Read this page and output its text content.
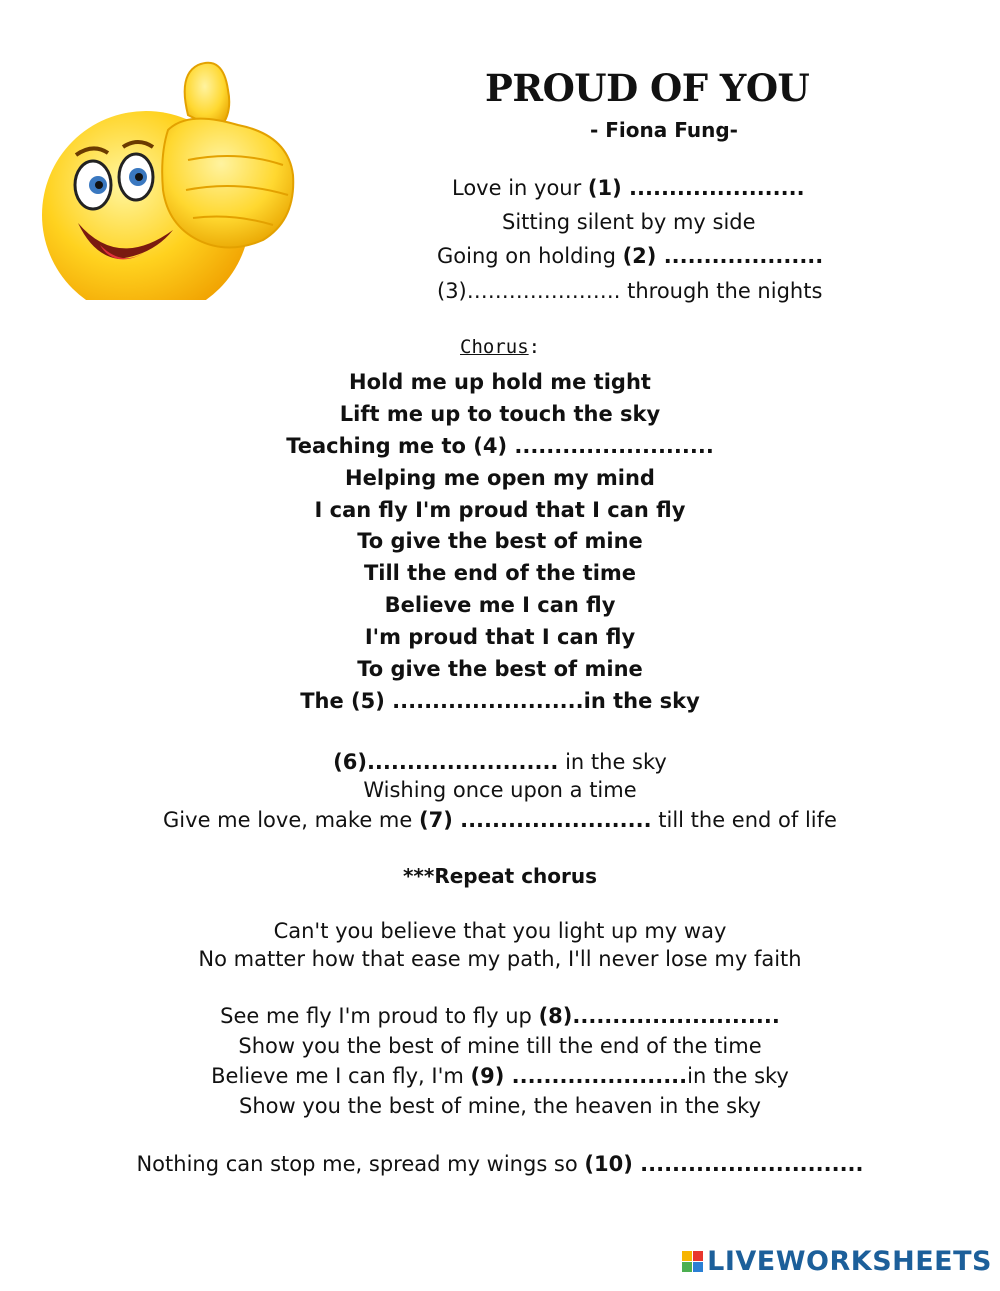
PROUD OF YOU
- Fiona Fung-
Love in your (1) ......................
Sitting silent by my side
Going on holding (2) ....................
(3)…………………. through the nights
Chorus:
Hold me up hold me tight
Lift me up to touch the sky
Teaching me to (4) .........................
Helping me open my mind
I can fly I'm proud that I can fly
To give the best of mine
Till the end of the time
Believe me I can fly
I'm proud that I can fly
To give the best of mine
The (5) ........................in the sky
(6)........................ in the sky
Wishing once upon a time
Give me love, make me (7) ........................ till the end of life
***Repeat chorus
Can't you believe that you light up my way
No matter how that ease my path, I'll never lose my faith
See me fly I'm proud to fly up (8)..........................
Show you the best of mine till the end of the time
Believe me I can fly, I'm (9) ......................in the sky
Show you the best of mine, the heaven in the sky
Nothing can stop me, spread my wings so (10) ............................
LIVEWORKSHEETS
